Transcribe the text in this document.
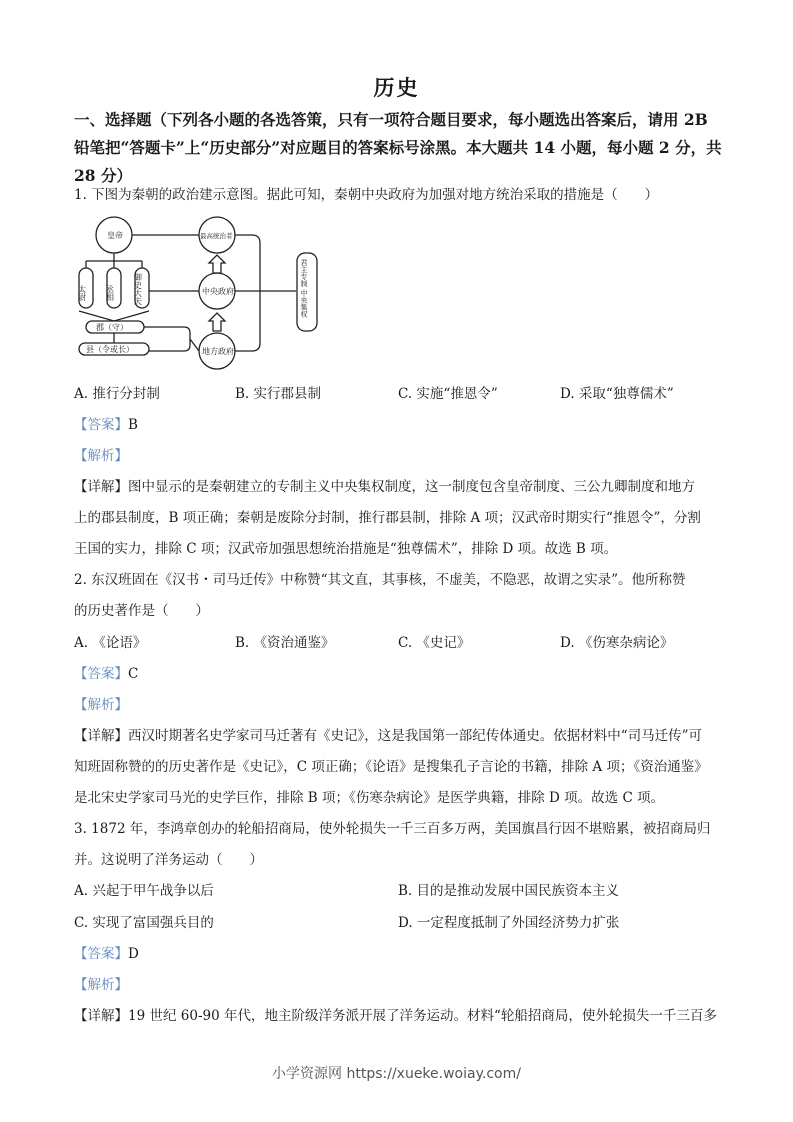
历史
一、选择题（下列各小题的各选答策，只有一项符合题目要求，每小题选出答案后，请用 2B 铅笔把“答题卡”上“历史部分”对应题目的答案标号涂黑。本大题共 14 小题，每小题 2 分，共 28 分）
1. 下图为秦朝的政治建示意图。据此可知，秦朝中央政府为加强对地方统治采取的措施是（　　）
皇帝
太尉 丞相 御史大夫
郡（守）
县（令或长）
最高统治者
中央政府
地方政府
君主专制 中央集权
A. 推行分封制	B. 实行郡县制	C. 实施“推恩令”	D. 采取“独尊儒术”
【答案】B
【解析】
【详解】图中显示的是秦朝建立的专制主义中央集权制度，这一制度包含皇帝制度、三公九卿制度和地方
上的郡县制度，B 项正确；秦朝是废除分封制，推行郡县制，排除 A 项；汉武帝时期实行“推恩令”，分割
王国的实力，排除 C 项；汉武帝加强思想统治措施是“独尊儒术”，排除 D 项。故选 B 项。
2. 东汉班固在《汉书・司马迁传》中称赞“其文直，其事核，不虚美，不隐恶，故谓之实录”。他所称赞
的历史著作是（　　）
A. 《论语》	B. 《资治通鉴》	C. 《史记》	D. 《伤寒杂病论》
【答案】C
【解析】
【详解】西汉时期著名史学家司马迁著有《史记》，这是我国第一部纪传体通史。依据材料中“司马迁传”可
知班固称赞的的历史著作是《史记》，C 项正确；《论语》是搜集孔子言论的书籍，排除 A 项；《资治通鉴》
是北宋史学家司马光的史学巨作，排除 B 项；《伤寒杂病论》是医学典籍，排除 D 项。故选 C 项。
3. 1872 年，李鸿章创办的轮船招商局，使外轮损失一千三百多万两，美国旗昌行因不堪赔累，被招商局归
并。这说明了洋务运动（　　）
A. 兴起于甲午战争以后	B. 目的是推动发展中国民族资本主义
C. 实现了富国强兵目的	D. 一定程度抵制了外国经济势力扩张
【答案】D
【解析】
【详解】19 世纪 60-90 年代，地主阶级洋务派开展了洋务运动。材料“轮船招商局，使外轮损失一千三百多
小学资源网 https://xueke.woiay.com/
